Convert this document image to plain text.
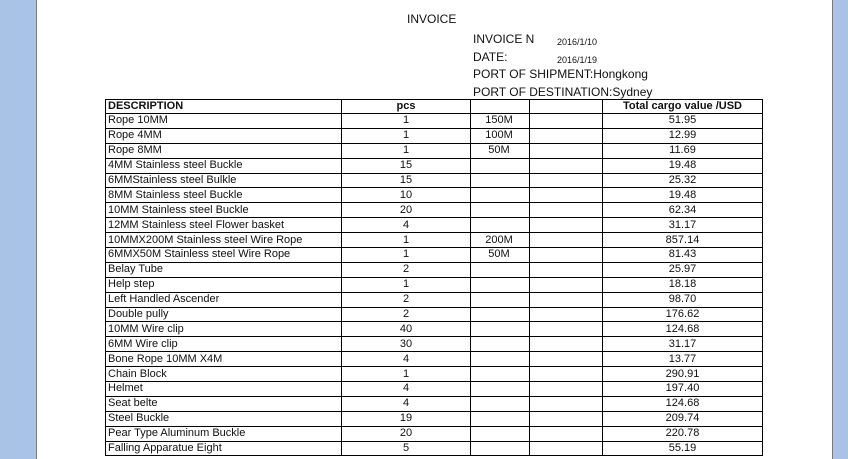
INVOICE
INVOICE N	2016/1/10
DATE:	2016/1/19
PORT OF SHIPMENT:Hongkong
PORT OF DESTINATION:Sydney
DESCRIPTION	pcs			Total cargo value /USD
Rope 10MM	1	150M		51.95
Rope 4MM	1	100M		12.99
Rope 8MM	1	50M		11.69
4MM Stainless steel Buckle	15			19.48
6MMStainless steel Bulkle	15			25.32
8MM Stainless steel Buckle	10			19.48
10MM Stainless steel Buckle	20			62.34
12MM Stainless steel Flower basket	4			31.17
10MMX200M Stainless steel Wire Rope	1	200M		857.14
6MMX50M Stainless steel Wire Rope	1	50M		81.43
Belay Tube	2			25.97
Help step	1			18.18
Left Handled Ascender	2			98.70
Double pully	2			176.62
10MM Wire clip	40			124.68
6MM Wire clip	30			31.17
Bone Rope 10MM X4M	4			13.77
Chain Block	1			290.91
Helmet	4			197.40
Seat belte	4			124.68
Steel Buckle	19			209.74
Pear Type Aluminum Buckle	20			220.78
Falling Apparatue Eight	5			55.19
